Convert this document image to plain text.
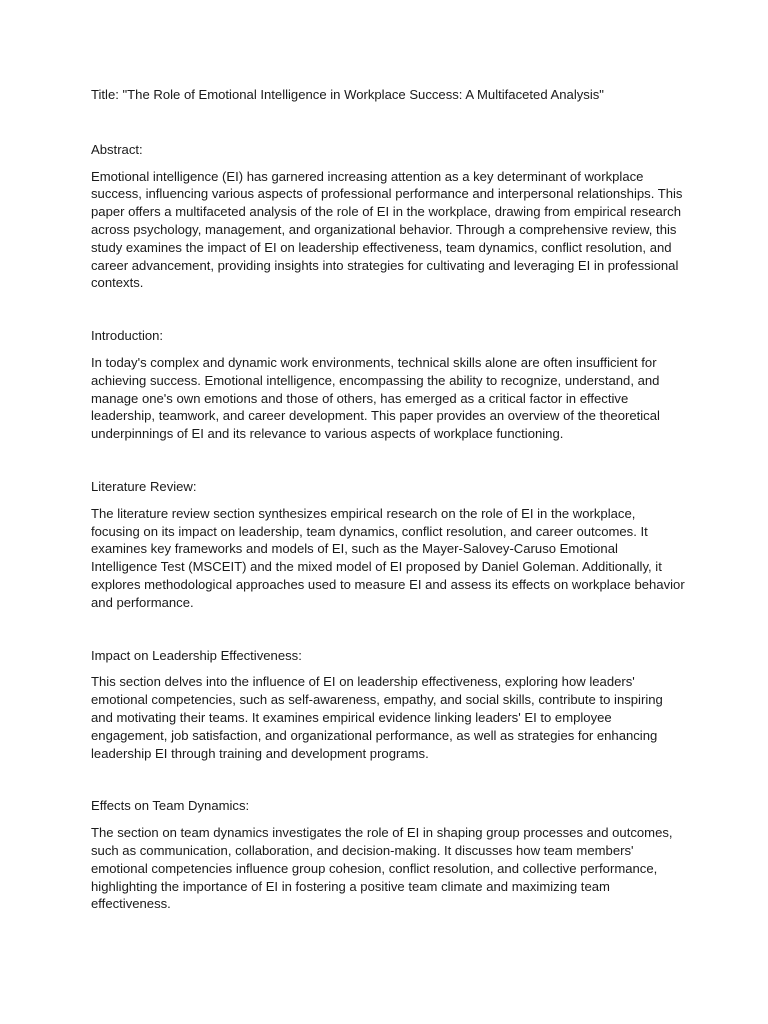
Title: "The Role of Emotional Intelligence in Workplace Success: A Multifaceted Analysis"

Abstract:

Emotional intelligence (EI) has garnered increasing attention as a key determinant of workplace success, influencing various aspects of professional performance and interpersonal relationships. This paper offers a multifaceted analysis of the role of EI in the workplace, drawing from empirical research across psychology, management, and organizational behavior. Through a comprehensive review, this study examines the impact of EI on leadership effectiveness, team dynamics, conflict resolution, and career advancement, providing insights into strategies for cultivating and leveraging EI in professional contexts.

Introduction:

In today's complex and dynamic work environments, technical skills alone are often insufficient for achieving success. Emotional intelligence, encompassing the ability to recognize, understand, and manage one's own emotions and those of others, has emerged as a critical factor in effective leadership, teamwork, and career development. This paper provides an overview of the theoretical underpinnings of EI and its relevance to various aspects of workplace functioning.

Literature Review:

The literature review section synthesizes empirical research on the role of EI in the workplace, focusing on its impact on leadership, team dynamics, conflict resolution, and career outcomes. It examines key frameworks and models of EI, such as the Mayer-Salovey-Caruso Emotional Intelligence Test (MSCEIT) and the mixed model of EI proposed by Daniel Goleman. Additionally, it explores methodological approaches used to measure EI and assess its effects on workplace behavior and performance.

Impact on Leadership Effectiveness:

This section delves into the influence of EI on leadership effectiveness, exploring how leaders' emotional competencies, such as self-awareness, empathy, and social skills, contribute to inspiring and motivating their teams. It examines empirical evidence linking leaders' EI to employee engagement, job satisfaction, and organizational performance, as well as strategies for enhancing leadership EI through training and development programs.

Effects on Team Dynamics:

The section on team dynamics investigates the role of EI in shaping group processes and outcomes, such as communication, collaboration, and decision-making. It discusses how team members' emotional competencies influence group cohesion, conflict resolution, and collective performance, highlighting the importance of EI in fostering a positive team climate and maximizing team effectiveness.
